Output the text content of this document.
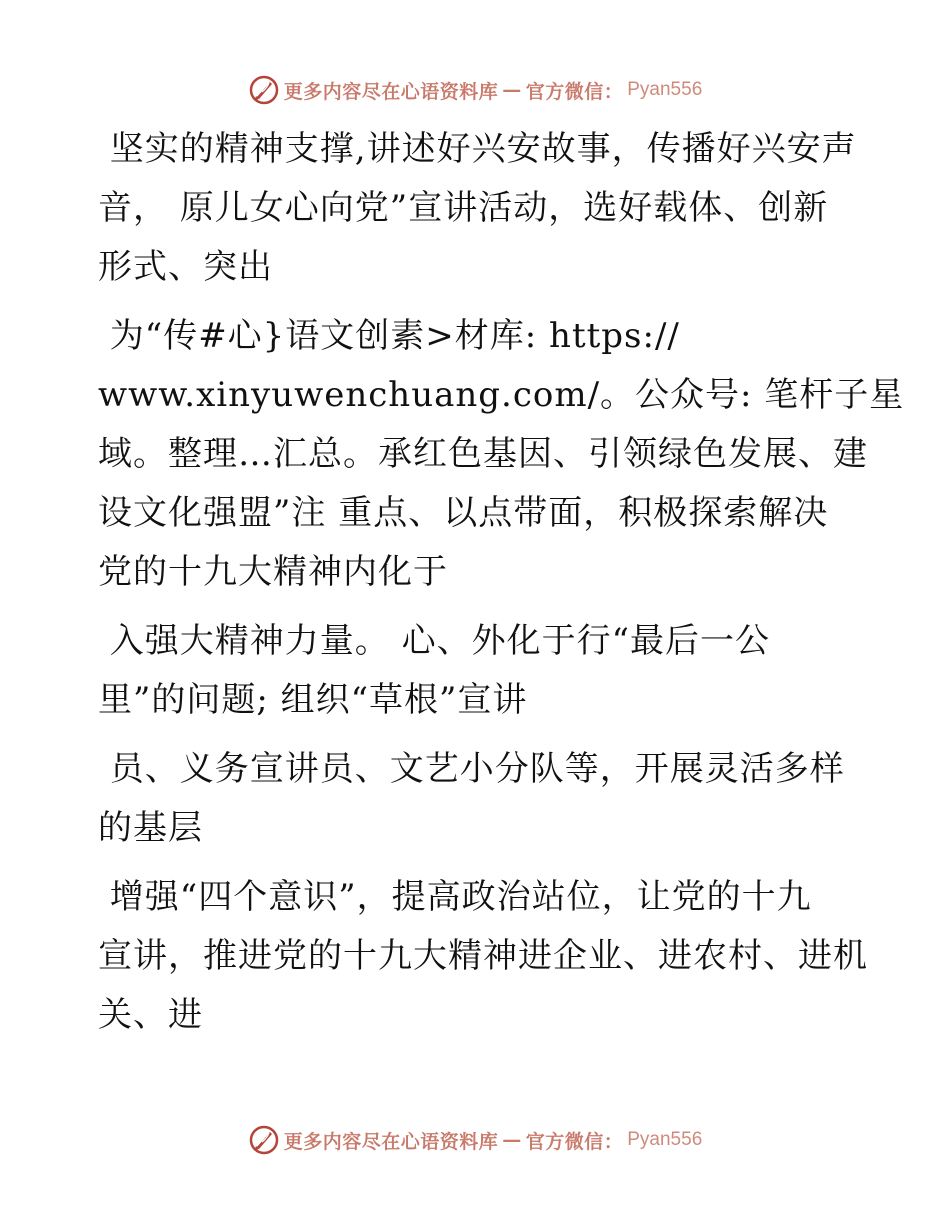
更多内容尽在心语资料库 — 官方微信： Pyan556

坚实的精神支撑,讲述好兴安故事，传播好兴安声
音， 原儿女心向党”宣讲活动，选好载体、创新
形式、突出

为“传#心}语文创素>材库: https://
www.xinyuwenchuang.com/。公众号: 笔杆子星
域。整理…汇总。承红色基因、引领绿色发展、建
设文化强盟”注 重点、以点带面，积极探索解决
党的十九大精神内化于

入强大精神力量。 心、外化于行“最后一公
里”的问题; 组织“草根”宣讲

员、义务宣讲员、文艺小分队等，开展灵活多样
的基层

增强“四个意识”，提高政治站位，让党的十九
宣讲，推进党的十九大精神进企业、进农村、进机
关、进

更多内容尽在心语资料库 — 官方微信： Pyan556
